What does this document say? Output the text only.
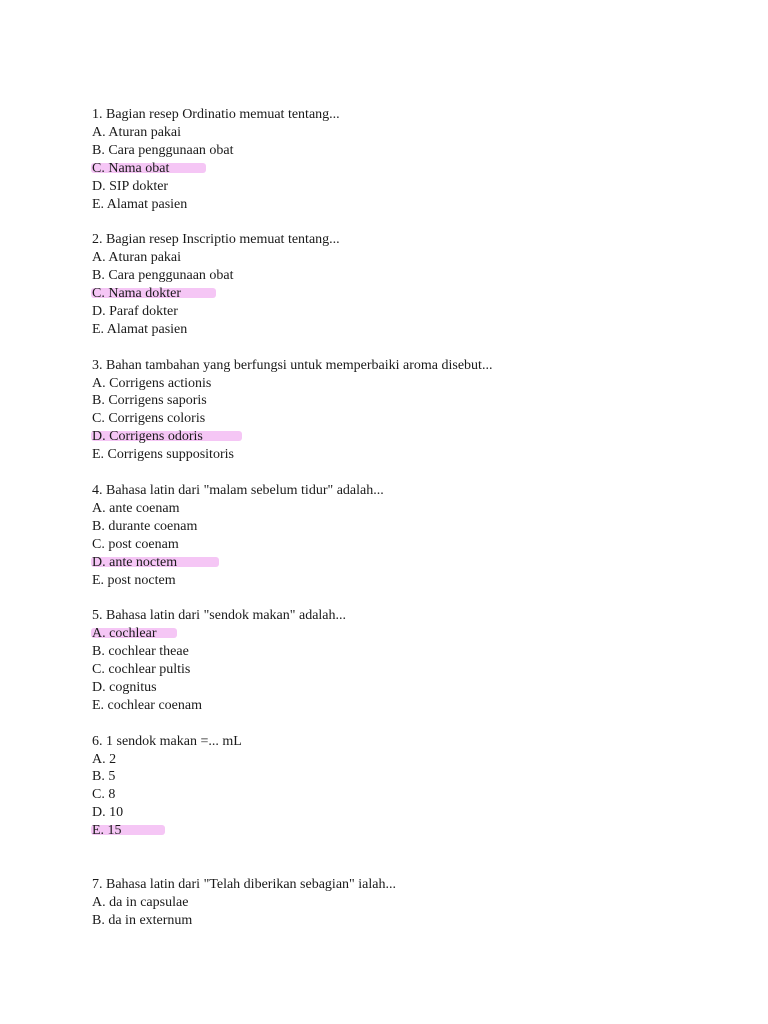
1. Bagian resep Ordinatio memuat tentang...
A. Aturan pakai
B. Cara penggunaan obat
C. Nama obat
D. SIP dokter
E. Alamat pasien
2. Bagian resep Inscriptio memuat tentang...
A. Aturan pakai
B. Cara penggunaan obat
C. Nama dokter
D. Paraf dokter
E. Alamat pasien
3. Bahan tambahan yang berfungsi untuk memperbaiki aroma disebut...
A. Corrigens actionis
B. Corrigens saporis
C. Corrigens coloris
D. Corrigens odoris
E. Corrigens suppositoris
4. Bahasa latin dari "malam sebelum tidur" adalah...
A. ante coenam
B. durante coenam
C. post coenam
D. ante noctem
E. post noctem
5. Bahasa latin dari "sendok makan" adalah...
A. cochlear
B. cochlear theae
C. cochlear pultis
D. cognitus
E. cochlear coenam
6. 1 sendok makan =... mL
A. 2
B. 5
C. 8
D. 10
E. 15
7. Bahasa latin dari "Telah diberikan sebagian" ialah...
A. da in capsulae
B. da in externum
